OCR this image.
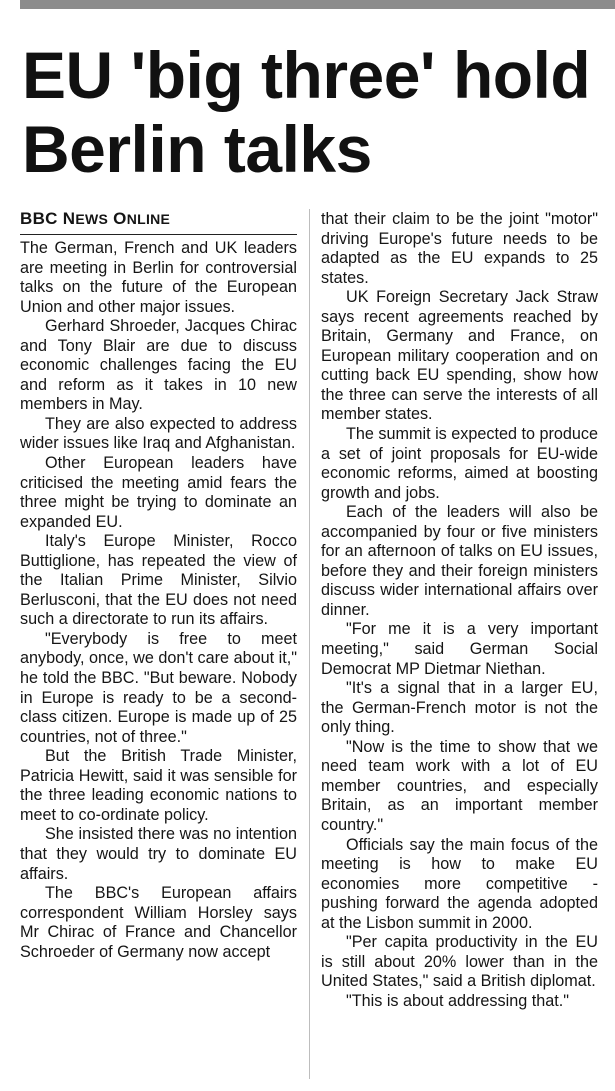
EU 'big three' hold Berlin talks
BBC NEWS ONLINE

The German, French and UK leaders are meeting in Berlin for controversial talks on the future of the European Union and other major issues.

Gerhard Shroeder, Jacques Chirac and Tony Blair are due to discuss economic challenges facing the EU and reform as it takes in 10 new members in May.

They are also expected to address wider issues like Iraq and Afghanistan.

Other European leaders have criticised the meeting amid fears the three might be trying to dominate an expanded EU.

Italy's Europe Minister, Rocco Buttiglione, has repeated the view of the Italian Prime Minister, Silvio Berlusconi, that the EU does not need such a directorate to run its affairs.

"Everybody is free to meet anybody, once, we don't care about it," he told the BBC. "But beware. Nobody in Europe is ready to be a second-class citizen. Europe is made up of 25 countries, not of three."

But the British Trade Minister, Patricia Hewitt, said it was sensible for the three leading economic nations to meet to co-ordinate policy.

She insisted there was no intention that they would try to dominate EU affairs.

The BBC's European affairs correspondent William Horsley says Mr Chirac of France and Chancellor Schroeder of Germany now accept

that their claim to be the joint "motor" driving Europe's future needs to be adapted as the EU expands to 25 states.

UK Foreign Secretary Jack Straw says recent agreements reached by Britain, Germany and France, on European military cooperation and on cutting back EU spending, show how the three can serve the interests of all member states.

The summit is expected to produce a set of joint proposals for EU-wide economic reforms, aimed at boosting growth and jobs.

Each of the leaders will also be accompanied by four or five ministers for an afternoon of talks on EU issues, before they and their foreign ministers discuss wider international affairs over dinner.

"For me it is a very important meeting," said German Social Democrat MP Dietmar Niethan.

"It's a signal that in a larger EU, the German-French motor is not the only thing.

"Now is the time to show that we need team work with a lot of EU member countries, and especially Britain, as an important member country."

Officials say the main focus of the meeting is how to make EU economies more competitive - pushing forward the agenda adopted at the Lisbon summit in 2000.

"Per capita productivity in the EU is still about 20% lower than in the United States," said a British diplomat.

"This is about addressing that."
